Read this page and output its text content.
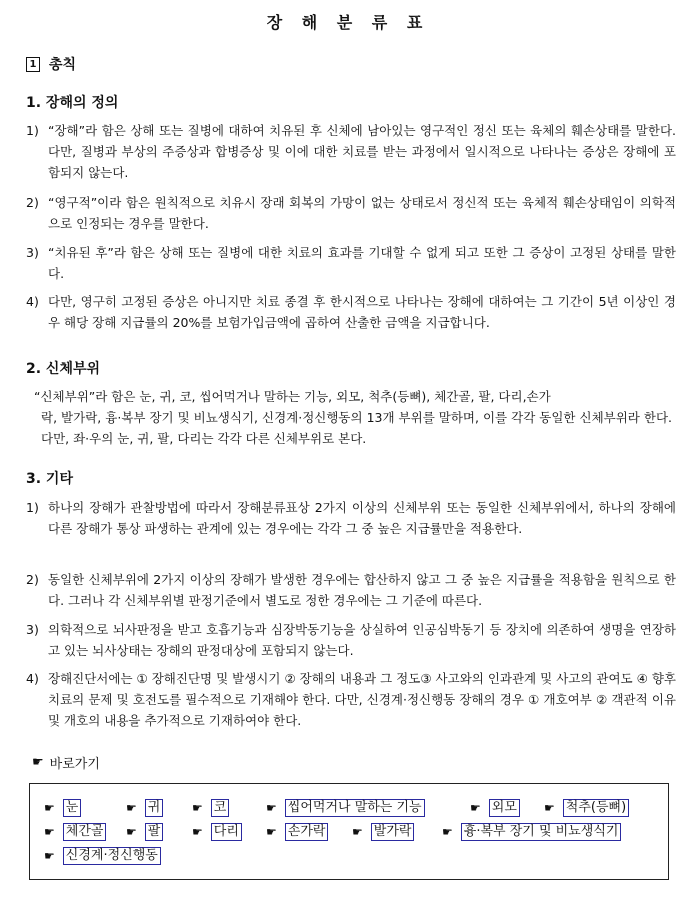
장 해 분 류 표
1 총칙
1. 장해의 정의
1) “장해”라 함은 상해 또는 질병에 대하여 치유된 후 신체에 남아있는 영구적인 정신 또는 육체의 훼손상태를 말한다. 다만, 질병과 부상의 주증상과 합병증상 및 이에 대한 치료를 받는 과정에서 일시적으로 나타나는 증상은 장해에 포함되지 않는다.
2) “영구적”이라 함은 원칙적으로 치유시 장래 회복의 가망이 없는 상태로서 정신적 또는 육체적 훼손상태임이 의학적으로 인정되는 경우를 말한다.
3) “치유된 후”라 함은 상해 또는 질병에 대한 치료의 효과를 기대할 수 없게 되고 또한 그 증상이 고정된 상태를 말한다.
4) 다만, 영구히 고정된 증상은 아니지만 치료 종결 후 한시적으로 나타나는 장해에 대하여는 그 기간이 5년 이상인 경우 해당 장해 지급률의 20%를 보험가입금액에 곱하여 산출한 금액을 지급합니다.
2. 신체부위
“신체부위”라 함은 눈, 귀, 코, 씹어먹거나 말하는 기능, 외모, 척추(등뼈), 체간골, 팔, 다리,손가
락, 발가락, 흉·복부 장기 및 비뇨생식기, 신경계·정신행동의 13개 부위를 말하며, 이를 각각 동일한 신체부위라 한다. 다만, 좌·우의 눈, 귀, 팔, 다리는 각각 다른 신체부위로 본다.
3. 기타
1) 하나의 장해가 관찰방법에 따라서 장해분류표상 2가지 이상의 신체부위 또는 동일한 신체부위에서, 하나의 장해에 다른 장해가 통상 파생하는 관계에 있는 경우에는 각각 그 중 높은 지급률만을 적용한다.
2) 동일한 신체부위에 2가지 이상의 장해가 발생한 경우에는 합산하지 않고 그 중 높은 지급률을 적용함을 원칙으로 한다. 그러나 각 신체부위별 판정기준에서 별도로 정한 경우에는 그 기준에 따른다.
3) 의학적으로 뇌사판정을 받고 호흡기능과 심장박동기능을 상실하여 인공심박동기 등 장치에 의존하여 생명을 연장하고 있는 뇌사상태는 장해의 판정대상에 포함되지 않는다.
4) 장해진단서에는 ① 장해진단명 및 발생시기 ② 장해의 내용과 그 정도③ 사고와의 인과관계 및 사고의 관여도 ④ 향후 치료의 문제 및 호전도를 필수적으로 기재해야 한다. 다만, 신경계·정신행동 장해의 경우 ① 개호여부 ② 객관적 이유 및 개호의 내용을 추가적으로 기재하여야 한다.
☛ 바로가기
☛ 눈	☛ 귀	☛ 코	☛ 씹어먹거나 말하는 기능	☛ 외모 ☛ 척추(등뼈)
☛ 체간골 ☛ 팔	☛ 다리 ☛ 손가락 ☛ 발가락	☛ 흉·복부 장기 및 비뇨생식기
☛ 신경계·정신행동
